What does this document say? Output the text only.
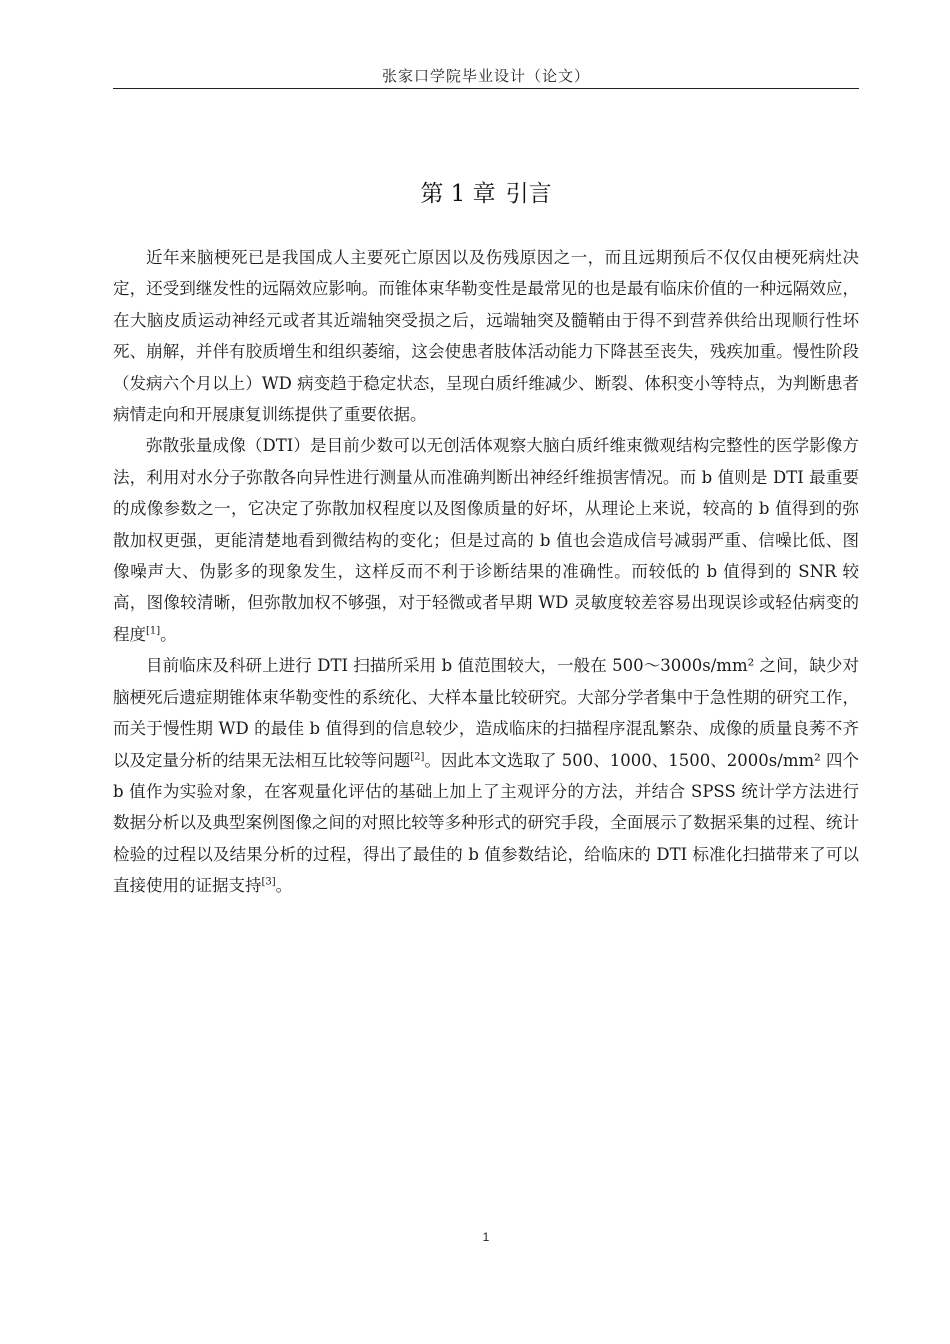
张家口学院毕业设计（论文）
第 1 章 引言

近年来脑梗死已是我国成人主要死亡原因以及伤残原因之一，而且远期预后不仅仅由梗死病灶决定，还受到继发性的远隔效应影响。而锥体束华勒变性是最常见的也是最有临床价值的一种远隔效应，在大脑皮质运动神经元或者其近端轴突受损之后，远端轴突及髓鞘由于得不到营养供给出现顺行性坏死、崩解，并伴有胶质增生和组织萎缩，这会使患者肢体活动能力下降甚至丧失，残疾加重。慢性阶段（发病六个月以上）WD 病变趋于稳定状态，呈现白质纤维减少、断裂、体积变小等特点，为判断患者病情走向和开展康复训练提供了重要依据。

弥散张量成像（DTI）是目前少数可以无创活体观察大脑白质纤维束微观结构完整性的医学影像方法，利用对水分子弥散各向异性进行测量从而准确判断出神经纤维损害情况。而 b 值则是 DTI 最重要的成像参数之一，它决定了弥散加权程度以及图像质量的好坏，从理论上来说，较高的 b 值得到的弥散加权更强，更能清楚地看到微结构的变化；但是过高的 b 值也会造成信号减弱严重、信噪比低、图像噪声大、伪影多的现象发生，这样反而不利于诊断结果的准确性。而较低的 b 值得到的 SNR 较高，图像较清晰，但弥散加权不够强，对于轻微或者早期 WD 灵敏度较差容易出现误诊或轻估病变的程度[1]。

目前临床及科研上进行 DTI 扫描所采用 b 值范围较大，一般在 500～3000s/mm² 之间，缺少对脑梗死后遗症期锥体束华勒变性的系统化、大样本量比较研究。大部分学者集中于急性期的研究工作，而关于慢性期 WD 的最佳 b 值得到的信息较少，造成临床的扫描程序混乱繁杂、成像的质量良莠不齐以及定量分析的结果无法相互比较等问题[2]。因此本文选取了 500、1000、1500、2000s/mm² 四个 b 值作为实验对象，在客观量化评估的基础上加上了主观评分的方法，并结合 SPSS 统计学方法进行数据分析以及典型案例图像之间的对照比较等多种形式的研究手段，全面展示了数据采集的过程、统计检验的过程以及结果分析的过程，得出了最佳的 b 值参数结论，给临床的 DTI 标准化扫描带来了可以直接使用的证据支持[3]。

1
